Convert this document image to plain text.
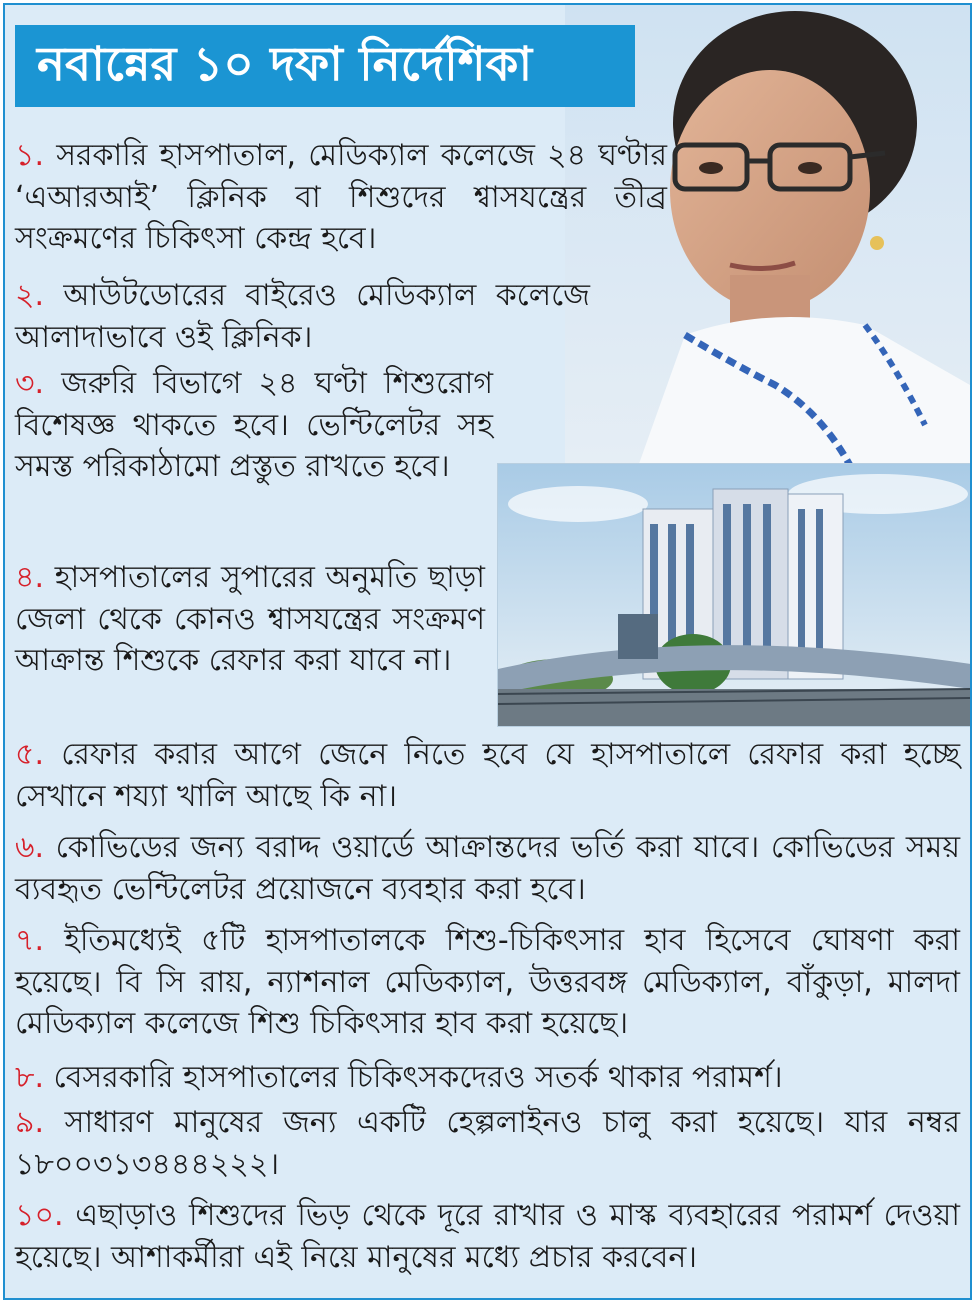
নবান্নের ১০ দফা নির্দেশিকা

১. সরকারি হাসপাতাল, মেডিক্যাল কলেজে ২৪ ঘণ্টার ‘এআরআই’ ক্লিনিক বা শিশুদের শ্বাসযন্ত্রের তীব্র সংক্রমণের চিকিৎসা কেন্দ্র হবে।

২. আউটডোরের বাইরেও মেডিক্যাল কলেজে আলাদাভাবে ওই ক্লিনিক।

৩. জরুরি বিভাগে ২৪ ঘণ্টা শিশুরোগ বিশেষজ্ঞ থাকতে হবে। ভেন্টিলেটর সহ সমস্ত পরিকাঠামো প্রস্তুত রাখতে হবে।

৪. হাসপাতালের সুপারের অনুমতি ছাড়া জেলা থেকে কোনও শ্বাসযন্ত্রের সংক্রমণ আক্রান্ত শিশুকে রেফার করা যাবে না।

৫. রেফার করার আগে জেনে নিতে হবে যে হাসপাতালে রেফার করা হচ্ছে সেখানে শয্যা খালি আছে কি না।

৬. কোভিডের জন্য বরাদ্দ ওয়ার্ডে আক্রান্তদের ভর্তি করা যাবে। কোভিডের সময় ব্যবহৃত ভেন্টিলেটর প্রয়োজনে ব্যবহার করা হবে।

৭. ইতিমধ্যেই ৫টি হাসপাতালকে শিশু-চিকিৎসার হাব হিসেবে ঘোষণা করা হয়েছে। বি সি রায়, ন্যাশনাল মেডিক্যাল, উত্তরবঙ্গ মেডিক্যাল, বাঁকুড়া, মালদা মেডিক্যাল কলেজে শিশু চিকিৎসার হাব করা হয়েছে।

৮. বেসরকারি হাসপাতালের চিকিৎসকদেরও সতর্ক থাকার পরামর্শ।

৯. সাধারণ মানুষের জন্য একটি হেল্পলাইনও চালু করা হয়েছে। যার নম্বর ১৮০০৩১৩৪৪৪২২২।

১০. এছাড়াও শিশুদের ভিড় থেকে দূরে রাখার ও মাস্ক ব্যবহারের পরামর্শ দেওয়া হয়েছে। আশাকর্মীরা এই নিয়ে মানুষের মধ্যে প্রচার করবেন।
